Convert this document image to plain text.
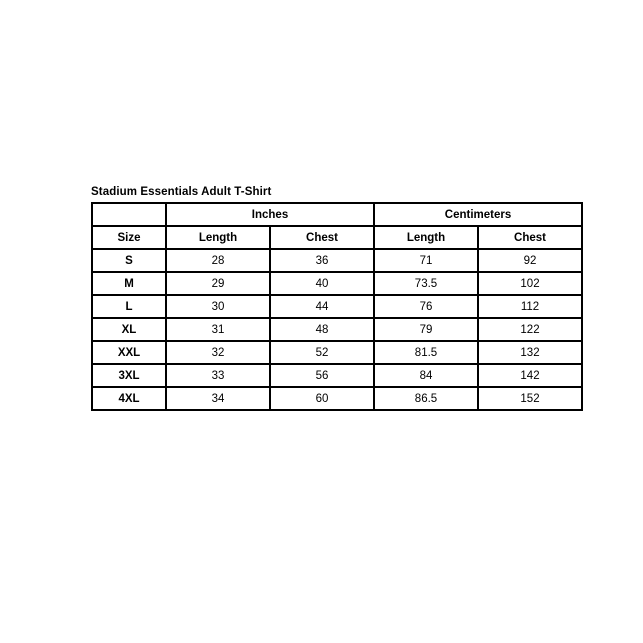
Stadium Essentials Adult T-Shirt
	Inches		Centimeters	
Size	Length	Chest	Length	Chest
S	28	36	71	92
M	29	40	73.5	102
L	30	44	76	112
XL	31	48	79	122
XXL	32	52	81.5	132
3XL	33	56	84	142
4XL	34	60	86.5	152
